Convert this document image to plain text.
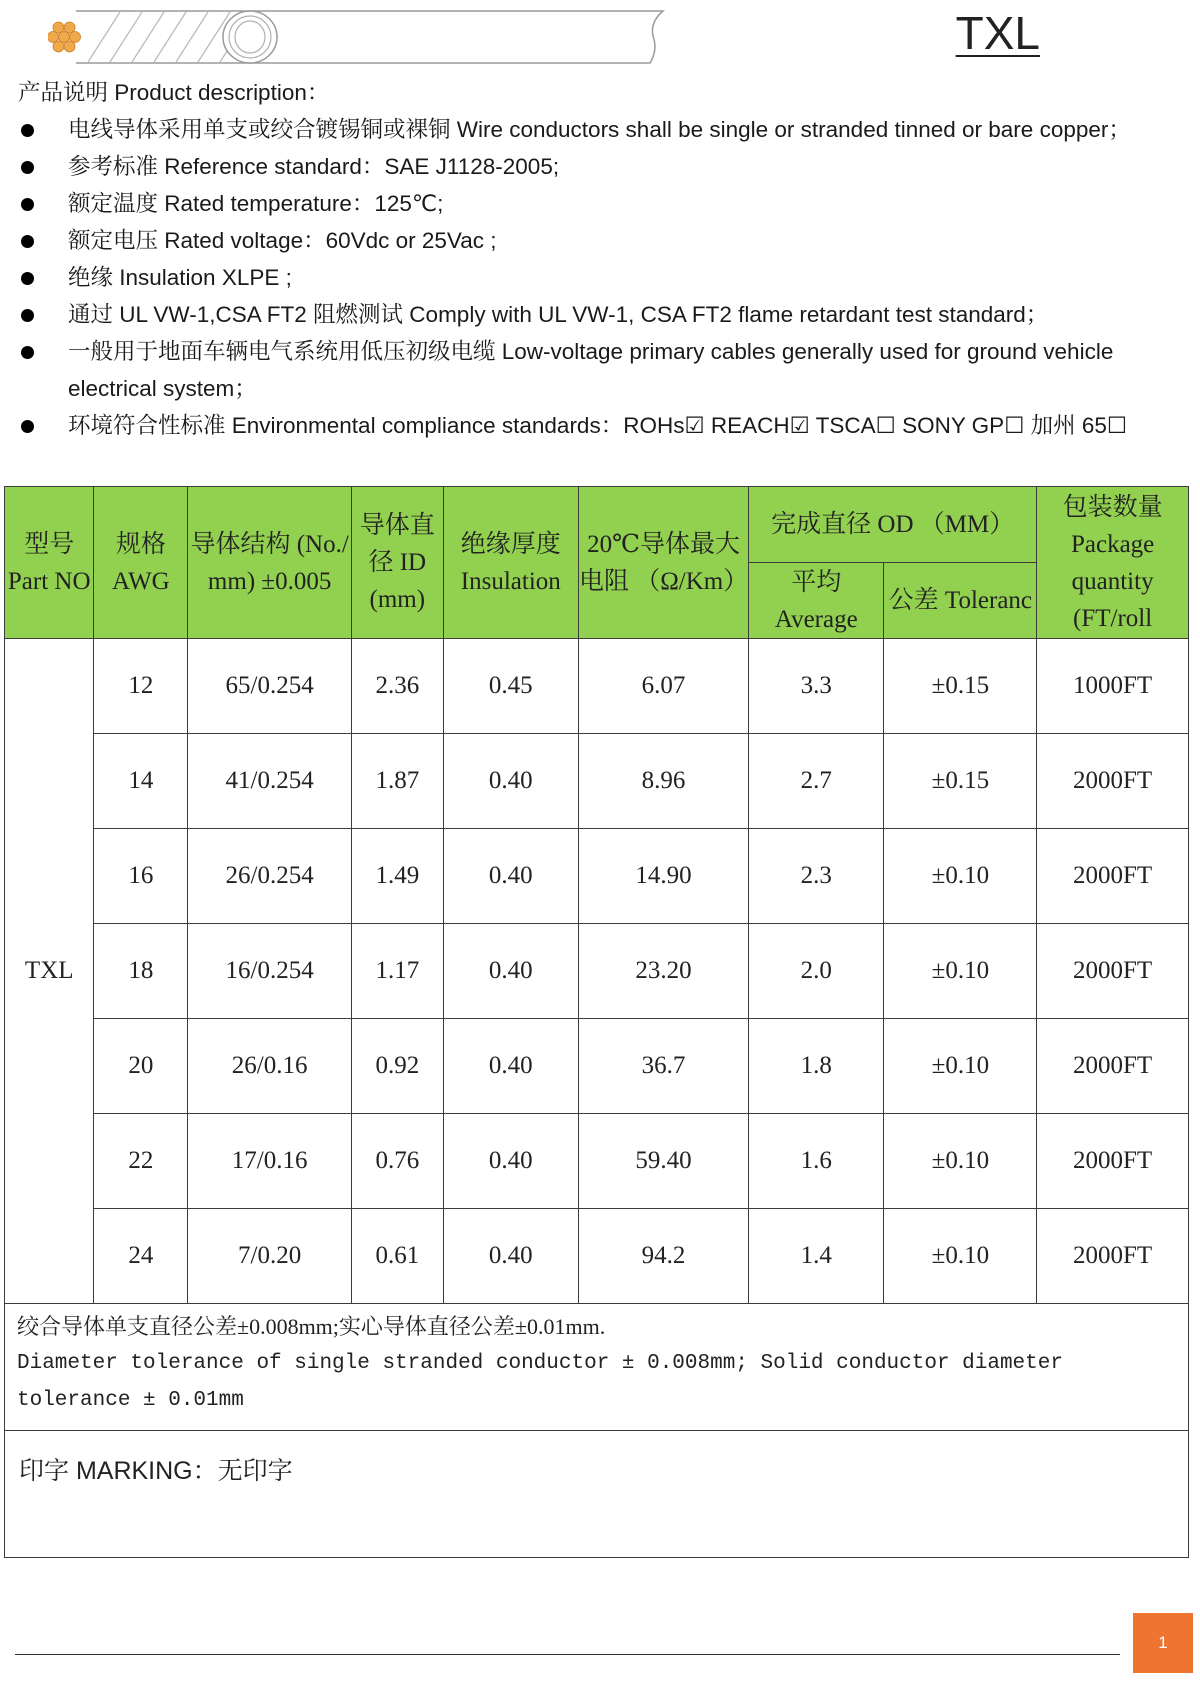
TXL

产品说明 Product description：

电线导体采用单支或绞合镀锡铜或裸铜 Wire conductors shall be single or stranded tinned or bare copper；
参考标准 Reference standard：SAE J1128-2005;
额定温度 Rated temperature：125℃;
额定电压 Rated voltage：60Vdc or 25Vac ;
绝缘 Insulation XLPE ;
通过 UL VW-1,CSA FT2 阻燃测试 Comply with UL VW-1, CSA FT2 flame retardant test standard；
一般用于地面车辆电气系统用低压初级电缆 Low-voltage primary cables generally used for ground vehicle electrical system；
环境符合性标准 Environmental compliance standards：ROHs☑ REACH☑ TSCA☐ SONY GP☐ 加州 65☐
型号 Part NO	规格 AWG	导体结构 (No./ mm) ±0.005	导体直径 ID (mm)	绝缘厚度 Insulation	20℃导体最大电阻 （Ω/Km）	完成直径 OD （MM）		包装数量 Package quantity (FT/roll
						平均 Average	公差 Toleranc	
TXL	12	65/0.254	2.36	0.45	6.07	3.3	±0.15	1000FT
	14	41/0.254	1.87	0.40	8.96	2.7	±0.15	2000FT
	16	26/0.254	1.49	0.40	14.90	2.3	±0.10	2000FT
	18	16/0.254	1.17	0.40	23.20	2.0	±0.10	2000FT
	20	26/0.16	0.92	0.40	36.7	1.8	±0.10	2000FT
	22	17/0.16	0.76	0.40	59.40	1.6	±0.10	2000FT
	24	7/0.20	0.61	0.40	94.2	1.4	±0.10	2000FT

绞合导体单支直径公差±0.008mm;实心导体直径公差±0.01mm.
Diameter tolerance of single stranded conductor ± 0.008mm; Solid conductor diameter tolerance ± 0.01mm								

印字 MARKING：无印字								
1
